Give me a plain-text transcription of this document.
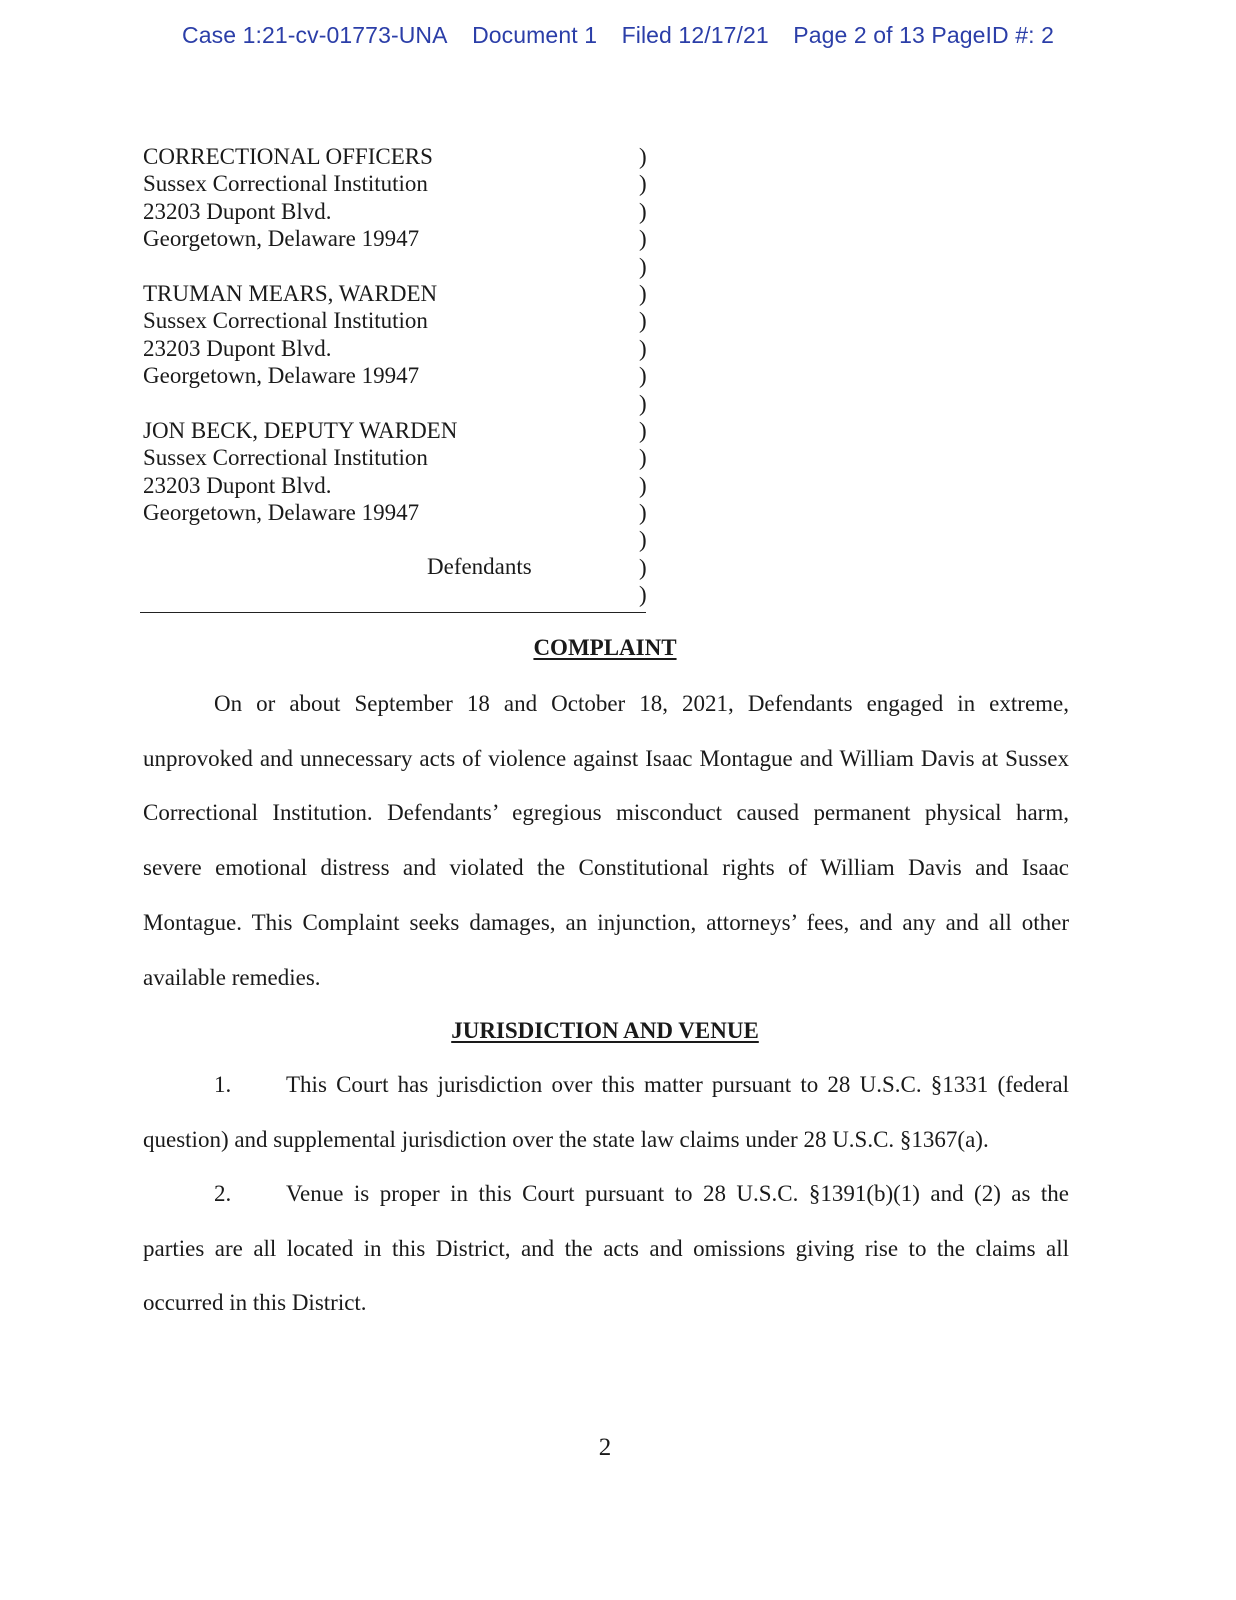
Case 1:21-cv-01773-UNA Document 1 Filed 12/17/21 Page 2 of 13 PageID #: 2
CORRECTIONAL OFFICERS
Sussex Correctional Institution
23203 Dupont Blvd.
Georgetown, Delaware 19947
TRUMAN MEARS, WARDEN
Sussex Correctional Institution
23203 Dupont Blvd.
Georgetown, Delaware 19947
JON BECK, DEPUTY WARDEN
Sussex Correctional Institution
23203 Dupont Blvd.
Georgetown, Delaware 19947
Defendants
)
)
)
)
)
)
)
)
)
)
)
)
)
)
)
)
)
COMPLAINT
On or about September 18 and October 18, 2021, Defendants engaged in extreme,
unprovoked and unnecessary acts of violence against Isaac Montague and William Davis at Sussex
Correctional Institution. Defendants’ egregious misconduct caused permanent physical harm,
severe emotional distress and violated the Constitutional rights of William Davis and Isaac
Montague. This Complaint seeks damages, an injunction, attorneys’ fees, and any and all other
available remedies.
JURISDICTION AND VENUE
1.	This Court has jurisdiction over this matter pursuant to 28 U.S.C. §1331 (federal
question) and supplemental jurisdiction over the state law claims under 28 U.S.C. §1367(a).
2.	Venue is proper in this Court pursuant to 28 U.S.C. §1391(b)(1) and (2) as the
parties are all located in this District, and the acts and omissions giving rise to the claims all
occurred in this District.
2
